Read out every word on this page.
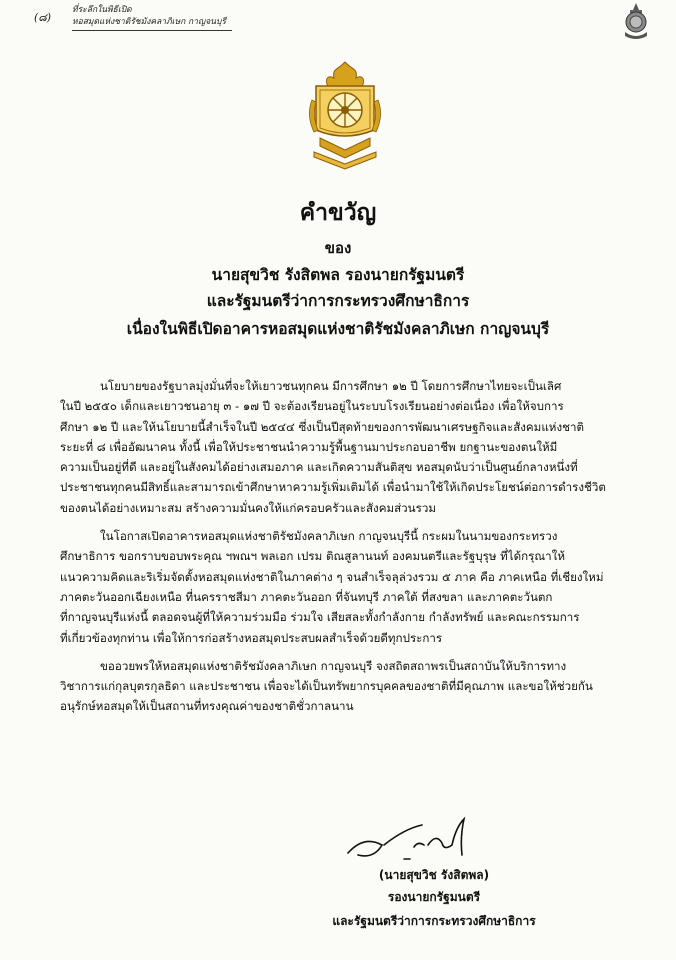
(๘)
ที่ระลึกในพิธีเปิด
หอสมุดแห่งชาติรัชมังคลาภิเษก กาญจนบุรี
คำขวัญ
ของ
นายสุขวิช รังสิตพล รองนายกรัฐมนตรี
และรัฐมนตรีว่าการกระทรวงศึกษาธิการ
เนื่องในพิธีเปิดอาคารหอสมุดแห่งชาติรัชมังคลาภิเษก กาญจนบุรี
นโยบายของรัฐบาลมุ่งมั่นที่จะให้เยาวชนทุกคน มีการศึกษา ๑๒ ปี โดยการศึกษาไทยจะเป็นเลิศ
ในปี ๒๕๕๐ เด็กและเยาวชนอายุ ๓ - ๑๗ ปี จะต้องเรียนอยู่ในระบบโรงเรียนอย่างต่อเนื่อง เพื่อให้จบการ
ศึกษา ๑๒ ปี และให้นโยบายนี้สำเร็จในปี ๒๕๔๔ ซึ่งเป็นปีสุดท้ายของการพัฒนาเศรษฐกิจและสังคมแห่งชาติ
ระยะที่ ๘ เพื่ออัฒนาคน ทั้งนี้ เพื่อให้ประชาชนนำความรู้พื้นฐานมาประกอบอาชีพ ยกฐานะของตนให้มี
ความเป็นอยู่ที่ดี และอยู่ในสังคมได้อย่างเสมอภาค และเกิดความสันติสุข หอสมุดนับว่าเป็นศูนย์กลางหนึ่งที่
ประชาชนทุกคนมีสิทธิ์และสามารถเข้าศึกษาหาความรู้เพิ่มเติมได้ เพื่อนำมาใช้ให้เกิดประโยชน์ต่อการดำรงชีวิต
ของตนได้อย่างเหมาะสม สร้างความมั่นคงให้แก่ครอบครัวและสังคมส่วนรวม
ในโอกาสเปิดอาคารหอสมุดแห่งชาติรัชมังคลาภิเษก กาญจนบุรีนี้ กระผมในนามของกระทรวง
ศึกษาธิการ ขอกราบขอบพระคุณ ฯพณฯ พลเอก เปรม ติณสูลานนท์ องคมนตรีและรัฐบุรุษ ที่ได้กรุณาให้
แนวความคิดและริเริ่มจัดตั้งหอสมุดแห่งชาติในภาคต่าง ๆ จนสำเร็จลุล่วงรวม ๕ ภาค คือ ภาคเหนือ ที่เชียงใหม่
ภาคตะวันออกเฉียงเหนือ ที่นครราชสีมา ภาคตะวันออก ที่จันทบุรี ภาคใต้ ที่สงขลา และภาคตะวันตก
ที่กาญจนบุรีแห่งนี้ ตลอดจนผู้ที่ให้ความร่วมมือ ร่วมใจ เสียสละทั้งกำลังกาย กำลังทรัพย์ และคณะกรรมการ
ที่เกี่ยวข้องทุกท่าน เพื่อให้การก่อสร้างหอสมุดประสบผลสำเร็จด้วยดีทุกประการ
ขออวยพรให้หอสมุดแห่งชาติรัชมังคลาภิเษก กาญจนบุรี จงสถิตสถาพรเป็นสถาบันให้บริการทาง
วิชาการแก่กุลบุตรกุลธิดา และประชาชน เพื่อจะได้เป็นทรัพยากรบุคคลของชาติที่มีคุณภาพ และขอให้ช่วยกัน
อนุรักษ์หอสมุดให้เป็นสถานที่ทรงคุณค่าของชาติชั่วกาลนาน
(นายสุขวิช รังสิตพล)
รองนายกรัฐมนตรี
และรัฐมนตรีว่าการกระทรวงศึกษาธิการ
